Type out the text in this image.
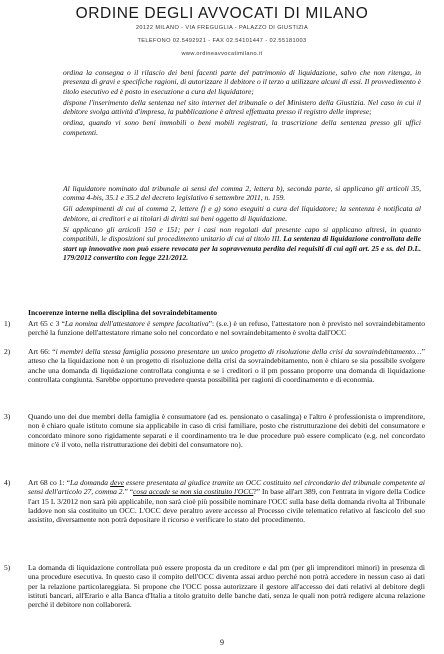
ORDINE DEGLI AVVOCATI DI MILANO
20122 MILANO - VIA FREGUGLIA - PALAZZO DI GIUSTIZIA
TELEFONO 02.5492921 - FAX 02.54101447 - 02.55181003
www.ordineavvocatimilano.it

ordina la consegna o il rilascio dei beni facenti parte del patrimonio di liquidazione, salvo che non ritenga, in presenza di gravi e specifiche ragioni, di autorizzare il debitore o il terzo a utilizzare alcuni di essi. Il provvedimento è titolo esecutivo ed è posto in esecuzione a cura del liquidatore;

dispone l'inserimento della sentenza nel sito internet del tribunale o del Ministero della Giustizia. Nel caso in cui il debitore svolga attività d'impresa, la pubblicazione è altresì effettuata presso il registro delle imprese;

ordina, quando vi sono beni immobili o beni mobili registrati, la trascrizione della sentenza presso gli uffici competenti.

Al liquidatore nominato dal tribunale ai sensi del comma 2, lettera b), seconda parte, si applicano gli articoli 35, comma 4-bis, 35.1 e 35.2 del decreto legislativo 6 settembre 2011, n. 159.

Gli adempimenti di cui al comma 2, lettere f) e g) sono eseguiti a cura del liquidatore; la sentenza è notificata al debitore, ai creditori e ai titolari di diritti sui beni oggetto di liquidazione.

Si applicano gli articoli 150 e 151; per i casi non regolati dal presente capo si applicano altresì, in quanto compatibili, le disposizioni sul procedimento unitario di cui al titolo III. La sentenza di liquidazione controllata delle start up innovative non può essere revocata per la sopravvenuta perdita dei requisiti di cui agli art. 25 e ss. del D.L. 179/2012 convertito con legge 221/2012.

Incoerenze interne nella disciplina del sovraindebitamento
1) Art 65 c 3 “La nomina dell'attestatore è sempre facoltativa”: (s.e.) è un refuso, l'attestatore non è previsto nel sovraindebitamento perché la funzione dell'attestatore rimane solo nel concordato e nel sovraindebitamento è svolta dall'OCC
2) Art 66: “i membri della stessa famiglia possono presentare un unico progetto di risoluzione della crisi da sovraindebitamento…” atteso che la liquidazione non è un progetto di risoluzione della crisi da sovraindebitamento, non è chiaro se sia possibile svolgere anche una domanda di liquidazione controllata congiunta e se i creditori o il pm possano proporre una domanda di liquidazione controllata congiunta. Sarebbe opportuno prevedere questa possibilità per ragioni di coordinamento e di economia.
3) Quando uno dei due membri della famiglia è consumatore (ad es. pensionato o casalinga) e l'altro è professionista o imprenditore, non è chiaro quale istituto comune sia applicabile in caso di crisi familiare, posto che ristrutturazione dei debiti del consumatore e concordato minore sono rigidamente separati e il coordinamento tra le due procedure può essere complicato (e.g. nel concordato minore c'è il voto, nella ristrutturazione dei debiti del consumatore no).
4) Art 68 co 1: “La domanda deve essere presentata al giudice tramite un OCC costituito nel circondario del tribunale competente ai sensi dell'articolo 27, comma 2.” “cosa accade se non sia costituito l'OCC?” In base all'art 389, con l'entrata in vigore della Codice l'art 15 L 3/2012 non sarà più applicabile, non sarà cioè più possibile nominare l'OCC sulla base della domanda rivolta al Tribunale laddove non sia costituito un OCC. L'OCC deve peraltro avere accesso al Processo civile telematico relativo al fascicolo del suo assistito, diversamente non potrà depositare il ricorso e verificare lo stato del procedimento.
5) La domanda di liquidazione controllata può essere proposta da un creditore e dal pm (per gli imprenditori minori) in presenza di una procedure esecutiva. In questo caso il compito dell'OCC diventa assai arduo perché non potrà accedere in nessun caso ai dati per la relazione particolareggiata. Si propone che l'OCC possa autorizzare il gestore all'accesso dei dati relativi al debitore degli istituti bancari, all'Erario e alla Banca d'Italia a titolo gratuito delle banche dati, senza le quali non potrà redigere alcuna relazione perché il debitore non collaborerà.
9
